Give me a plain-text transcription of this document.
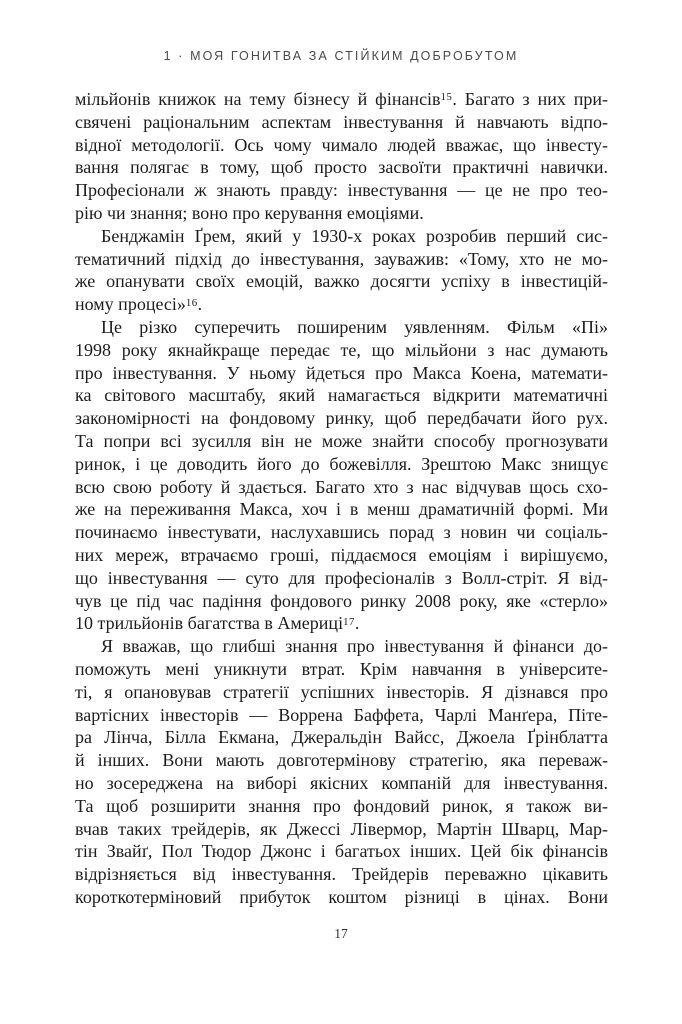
1 · МОЯ ГОНИТВА ЗА СТІЙКИМ ДОБРОБУТОМ
мільйонів книжок на тему бізнесу й фінансів$^{15}$. Багато з них при-
свячені раціональним аспектам інвестування й навчають відпо-
відної методології. Ось чому чимало людей вважає, що інвесту-
вання полягає в тому, щоб просто засвоїти практичні навички.
Професіонали ж знають правду: інвестування — це не про тео-
рію чи знання; воно про керування емоціями.
Бенджамін Ґрем, який у 1930-х роках розробив перший сис-
тематичний підхід до інвестування, зауважив: «Тому, хто не мо-
же опанувати своїх емоцій, важко досягти успіху в інвестицій-
ному процесі»$^{16}$.
Це різко суперечить поширеним уявленням. Фільм «Пі»
1998 року якнайкраще передає те, що мільйони з нас думають
про інвестування. У ньому йдеться про Макса Коена, математи-
ка світового масштабу, який намагається відкрити математичні
закономірності на фондовому ринку, щоб передбачати його рух.
Та попри всі зусилля він не може знайти способу прогнозувати
ринок, і це доводить його до божевілля. Зрештою Макс знищує
всю свою роботу й здається. Багато хто з нас відчував щось схо-
же на переживання Макса, хоч і в менш драматичній формі. Ми
починаємо інвестувати, наслухавшись порад з новин чи соціаль-
них мереж, втрачаємо гроші, піддаємося емоціям і вирішуємо,
що інвестування — суто для професіоналів з Волл-стріт. Я від-
чув це під час падіння фондового ринку 2008 року, яке «стерло»
10 трильйонів багатства в Америці$^{17}$.
Я вважав, що глибші знання про інвестування й фінанси до-
поможуть мені уникнути втрат. Крім навчання в університе-
ті, я опановував стратегії успішних інвесторів. Я дізнався про
вартісних інвесторів — Воррена Баффета, Чарлі Манґера, Піте-
ра Лінча, Білла Екмана, Джеральдін Вайсс, Джоела Ґрінблатта
й інших. Вони мають довготермінову стратегію, яка переваж-
но зосереджена на виборі якісних компаній для інвестування.
Та щоб розширити знання про фондовий ринок, я також ви-
вчав таких трейдерів, як Джессі Лівермор, Мартін Шварц, Мар-
тін Звайґ, Пол Тюдор Джонс і багатьох інших. Цей бік фінансів
відрізняється від інвестування. Трейдерів переважно цікавить
короткотерміновий прибуток коштом різниці в цінах. Вони
17
